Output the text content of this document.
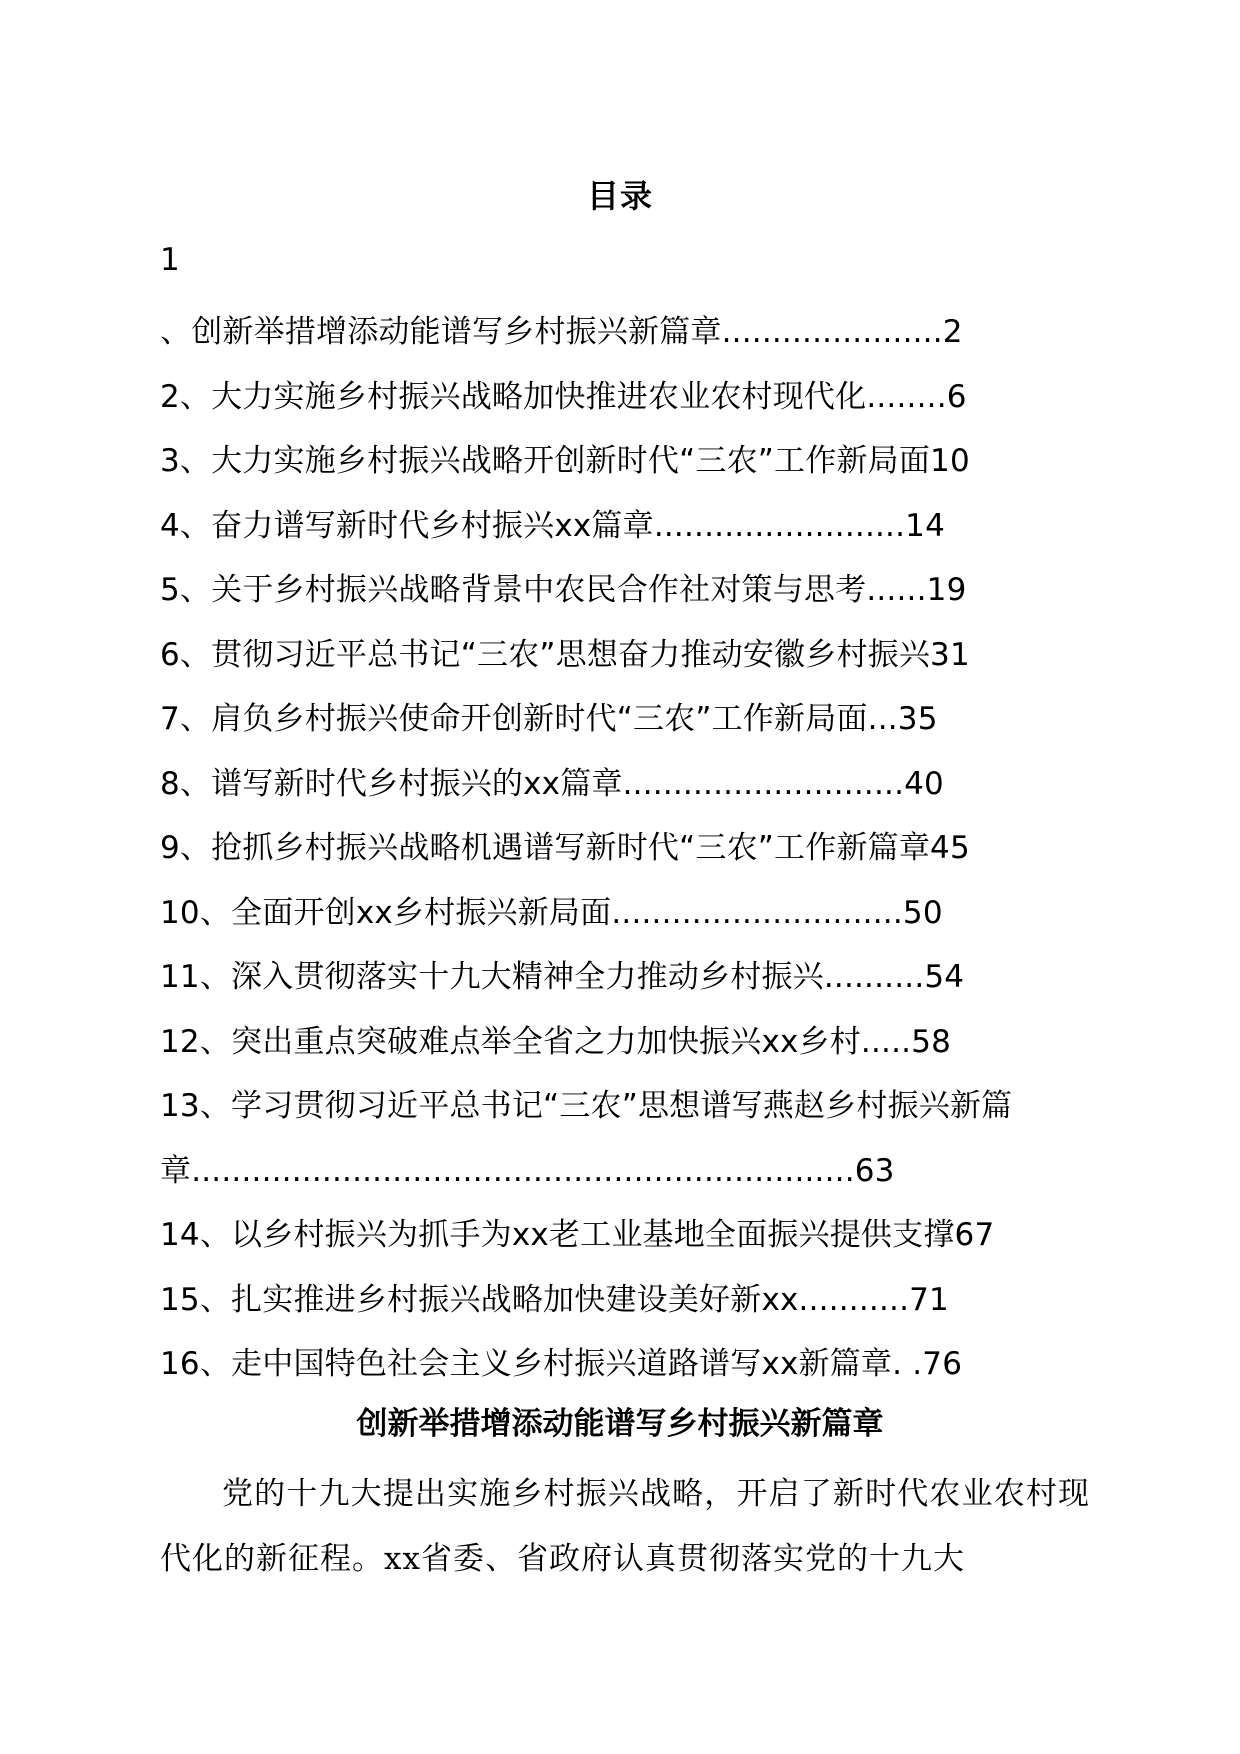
目录
1
、创新举措增添动能谱写乡村振兴新篇章......................2
2、大力实施乡村振兴战略加快推进农业农村现代化........6
3、大力实施乡村振兴战略开创新时代“三农”工作新局面10
4、奋力谱写新时代乡村振兴xx篇章.........................14
5、关于乡村振兴战略背景中农民合作社对策与思考......19
6、贯彻习近平总书记“三农”思想奋力推动安徽乡村振兴31
7、肩负乡村振兴使命开创新时代“三农”工作新局面...35
8、谱写新时代乡村振兴的xx篇章............................40
9、抢抓乡村振兴战略机遇谱写新时代“三农”工作新篇章45
10、全面开创xx乡村振兴新局面.............................50
11、深入贯彻落实十九大精神全力推动乡村振兴..........54
12、突出重点突破难点举全省之力加快振兴xx乡村.....58
13、学习贯彻习近平总书记“三农”思想谱写燕赵乡村振兴新篇章..................................................................63
14、以乡村振兴为抓手为xx老工业基地全面振兴提供支撑67
15、扎实推进乡村振兴战略加快建设美好新xx...........71
16、走中国特色社会主义乡村振兴道路谱写xx新篇章. .76
创新举措增添动能谱写乡村振兴新篇章

党的十九大提出实施乡村振兴战略，开启了新时代农业农村现代化的新征程。xx省委、省政府认真贯彻落实党的十九大
